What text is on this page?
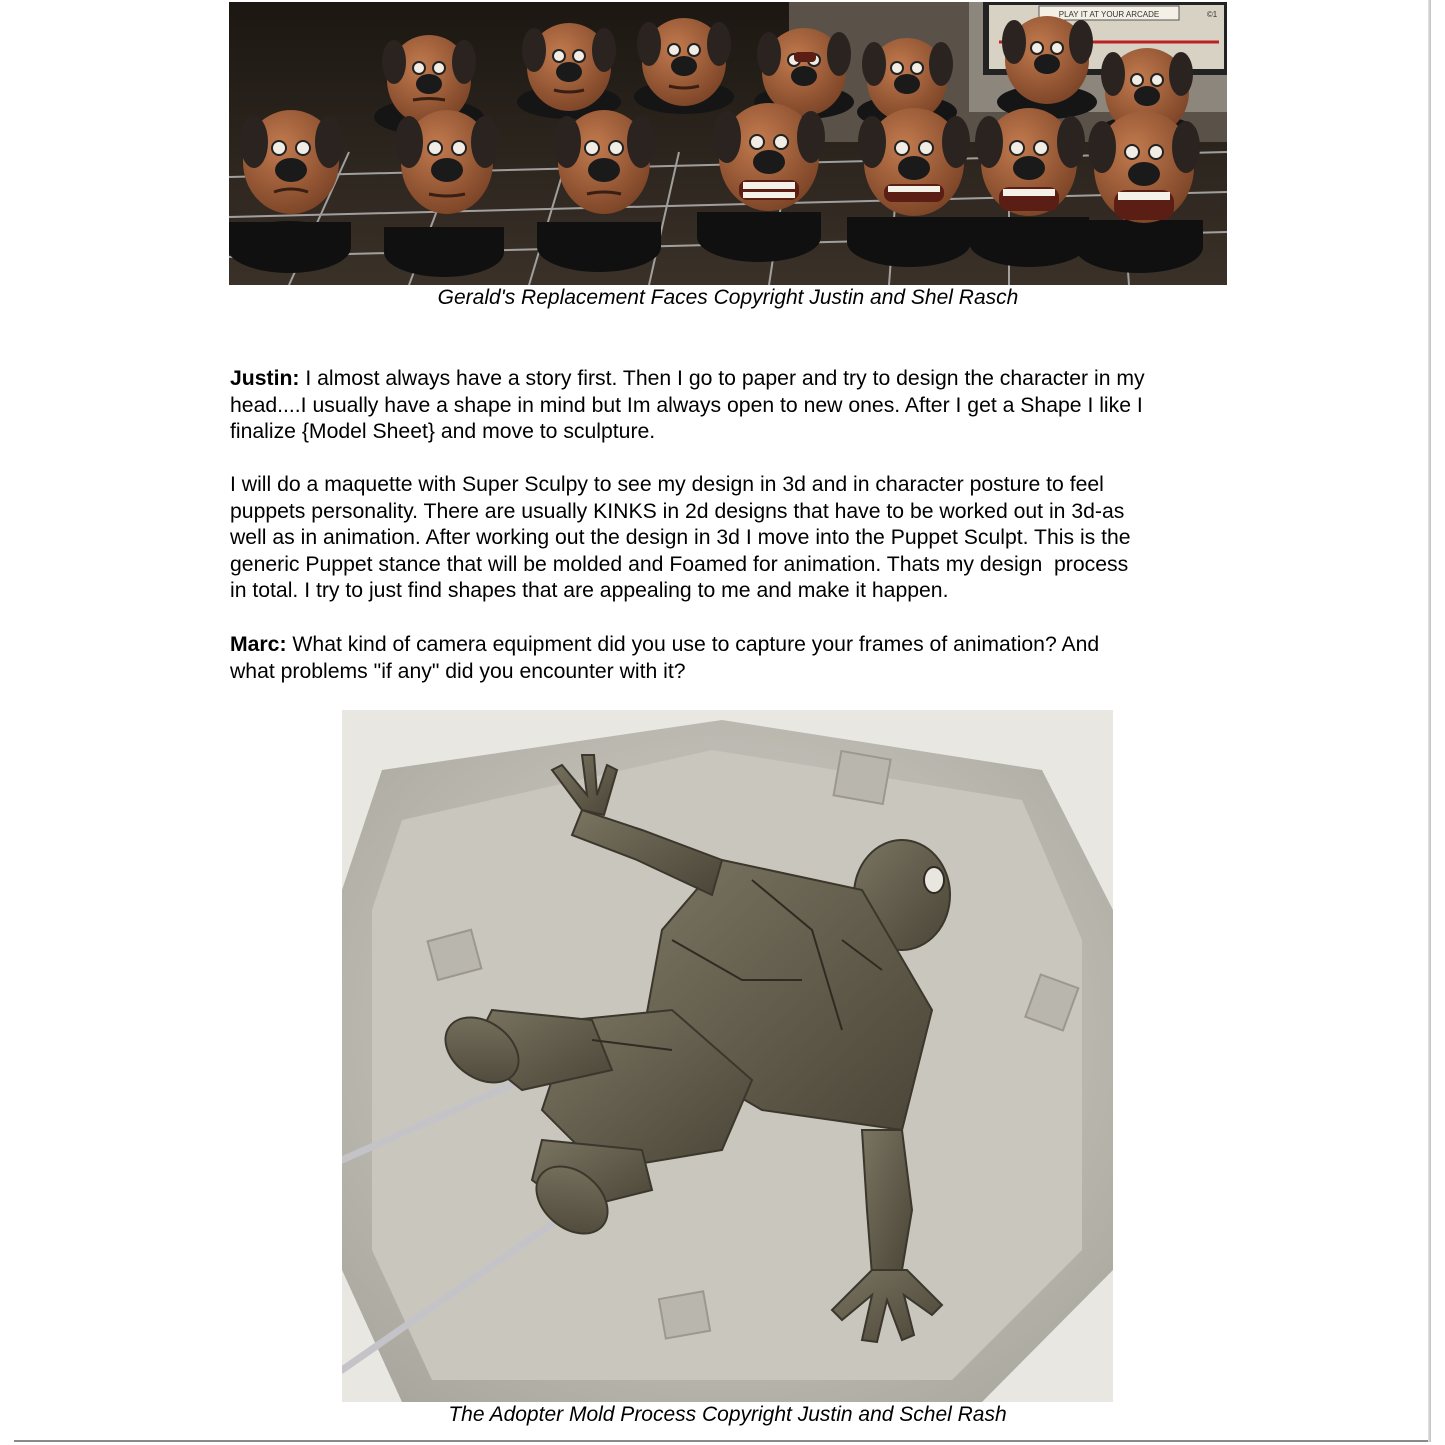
PLAY IT AT YOUR ARCADE	©1
Gerald's Replacement Faces Copyright Justin and Shel Rasch

Justin: I almost always have a story first. Then I go to paper and try to design the character in my
head....I usually have a shape in mind but Im always open to new ones. After I get a Shape I like I
finalize {Model Sheet} and move to sculpture.

I will do a maquette with Super Sculpy to see my design in 3d and in character posture to feel
puppets personality. There are usually KINKS in 2d designs that have to be worked out in 3d-as
well as in animation. After working out the design in 3d I move into the Puppet Sculpt. This is the
generic Puppet stance that will be molded and Foamed for animation. Thats my design  process
in total. I try to just find shapes that are appealing to me and make it happen.

Marc: What kind of camera equipment did you use to capture your frames of animation? And
what problems "if any" did you encounter with it?

The Adopter Mold Process Copyright Justin and Schel Rash
